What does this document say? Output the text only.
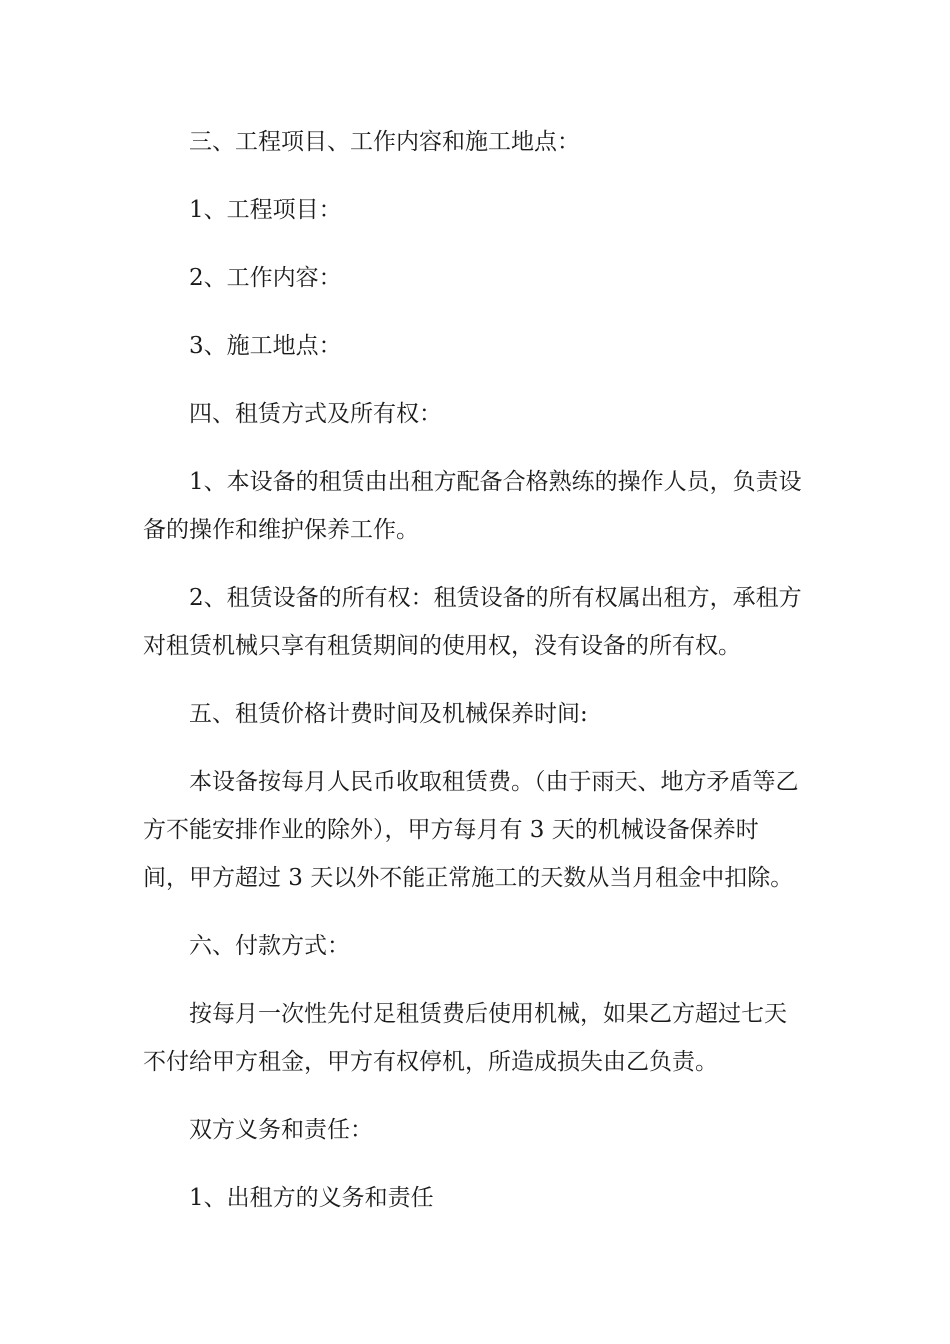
三、工程项目、工作内容和施工地点：

1、工程项目：

2、工作内容：

3、施工地点：

四、租赁方式及所有权：

1、本设备的租赁由出租方配备合格熟练的操作人员，负责设备的操作和维护保养工作。

2、租赁设备的所有权：租赁设备的所有权属出租方，承租方对租赁机械只享有租赁期间的使用权，没有设备的所有权。

五、租赁价格计费时间及机械保养时间:

本设备按每月人民币收取租赁费。（由于雨天、地方矛盾等乙方不能安排作业的除外），甲方每月有 3 天的机械设备保养时间，甲方超过 3 天以外不能正常施工的天数从当月租金中扣除。

六、付款方式：

按每月一次性先付足租赁费后使用机械，如果乙方超过七天不付给甲方租金，甲方有权停机，所造成损失由乙负责。

双方义务和责任：

1、出租方的义务和责任
